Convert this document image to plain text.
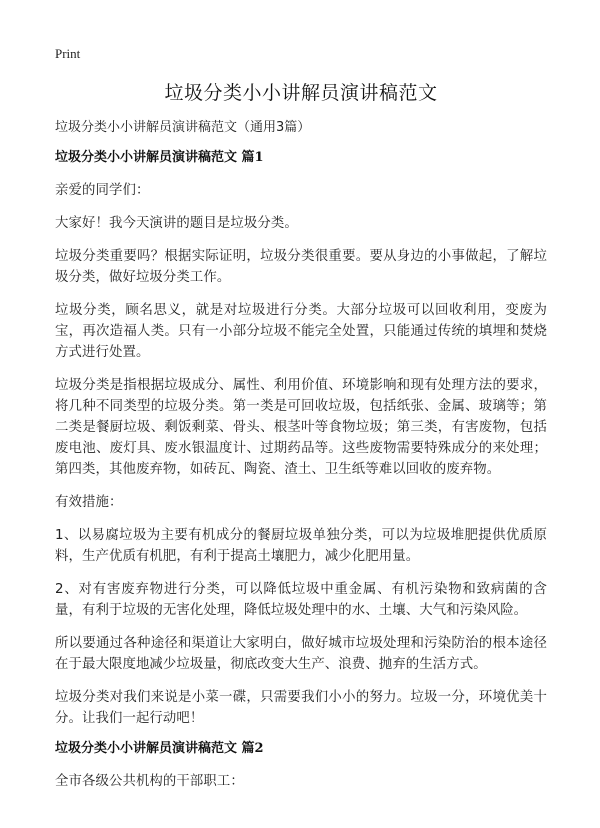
Print

垃圾分类小小讲解员演讲稿范文

垃圾分类小小讲解员演讲稿范文（通用3篇）

垃圾分类小小讲解员演讲稿范文 篇1

亲爱的同学们：

大家好！我今天演讲的题目是垃圾分类。

垃圾分类重要吗？根据实际证明，垃圾分类很重要。要从身边的小事做起，了解垃圾分类，做好垃圾分类工作。

垃圾分类，顾名思义，就是对垃圾进行分类。大部分垃圾可以回收利用，变废为宝，再次造福人类。只有一小部分垃圾不能完全处置，只能通过传统的填埋和焚烧方式进行处置。

垃圾分类是指根据垃圾成分、属性、利用价值、环境影响和现有处理方法的要求，将几种不同类型的垃圾分类。第一类是可回收垃圾，包括纸张、金属、玻璃等；第二类是餐厨垃圾、剩饭剩菜、骨头、根茎叶等食物垃圾；第三类，有害废物，包括废电池、废灯具、废水银温度计、过期药品等。这些废物需要特殊成分的来处理；第四类，其他废弃物，如砖瓦、陶瓷、渣土、卫生纸等难以回收的废弃物。

有效措施：

1、以易腐垃圾为主要有机成分的餐厨垃圾单独分类，可以为垃圾堆肥提供优质原料，生产优质有机肥，有利于提高土壤肥力，减少化肥用量。

2、对有害废弃物进行分类，可以降低垃圾中重金属、有机污染物和致病菌的含量，有利于垃圾的无害化处理，降低垃圾处理中的水、土壤、大气和污染风险。

所以要通过各种途径和渠道让大家明白，做好城市垃圾处理和污染防治的根本途径在于最大限度地减少垃圾量，彻底改变大生产、浪费、抛弃的生活方式。

垃圾分类对我们来说是小菜一碟，只需要我们小小的努力。垃圾一分，环境优美十分。让我们一起行动吧！

垃圾分类小小讲解员演讲稿范文 篇2

全市各级公共机构的干部职工：
